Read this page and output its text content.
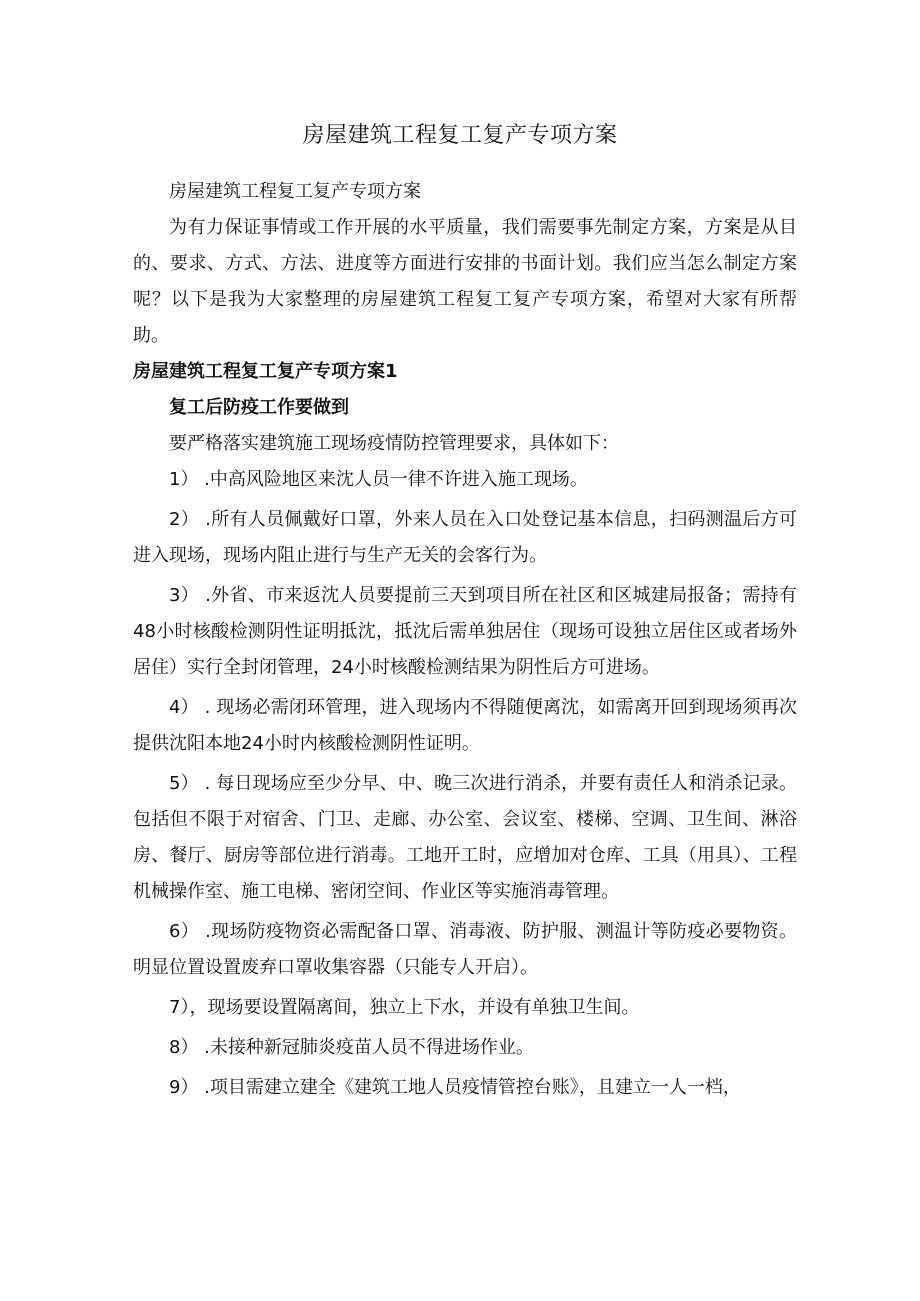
房屋建筑工程复工复产专项方案

房屋建筑工程复工复产专项方案

为有力保证事情或工作开展的水平质量，我们需要事先制定方案，方案是从目的、要求、方式、方法、进度等方面进行安排的书面计划。我们应当怎么制定方案呢？以下是我为大家整理的房屋建筑工程复工复产专项方案，希望对大家有所帮助。

房屋建筑工程复工复产专项方案1

复工后防疫工作要做到

要严格落实建筑施工现场疫情防控管理要求，具体如下：

1） .中高风险地区来沈人员一律不许进入施工现场。

2） .所有人员佩戴好口罩，外来人员在入口处登记基本信息，扫码测温后方可进入现场，现场内阻止进行与生产无关的会客行为。

3） .外省、市来返沈人员要提前三天到项目所在社区和区城建局报备；需持有48小时核酸检测阴性证明抵沈，抵沈后需单独居住（现场可设独立居住区或者场外居住）实行全封闭管理，24小时核酸检测结果为阴性后方可进场。

4） . 现场必需闭环管理，进入现场内不得随便离沈，如需离开回到现场须再次提供沈阳本地24小时内核酸检测阴性证明。

5） . 每日现场应至少分早、中、晚三次进行消杀，并要有责任人和消杀记录。包括但不限于对宿舍、门卫、走廊、办公室、会议室、楼梯、空调、卫生间、淋浴房、餐厅、厨房等部位进行消毒。工地开工时，应增加对仓库、工具（用具）、工程机械操作室、施工电梯、密闭空间、作业区等实施消毒管理。

6） .现场防疫物资必需配备口罩、消毒液、防护服、测温计等防疫必要物资。明显位置设置废弃口罩收集容器（只能专人开启）。

7），现场要设置隔离间，独立上下水，并设有单独卫生间。

8） .未接种新冠肺炎疫苗人员不得进场作业。

9） .项目需建立建全《建筑工地人员疫情管控台账》，且建立一人一档，
